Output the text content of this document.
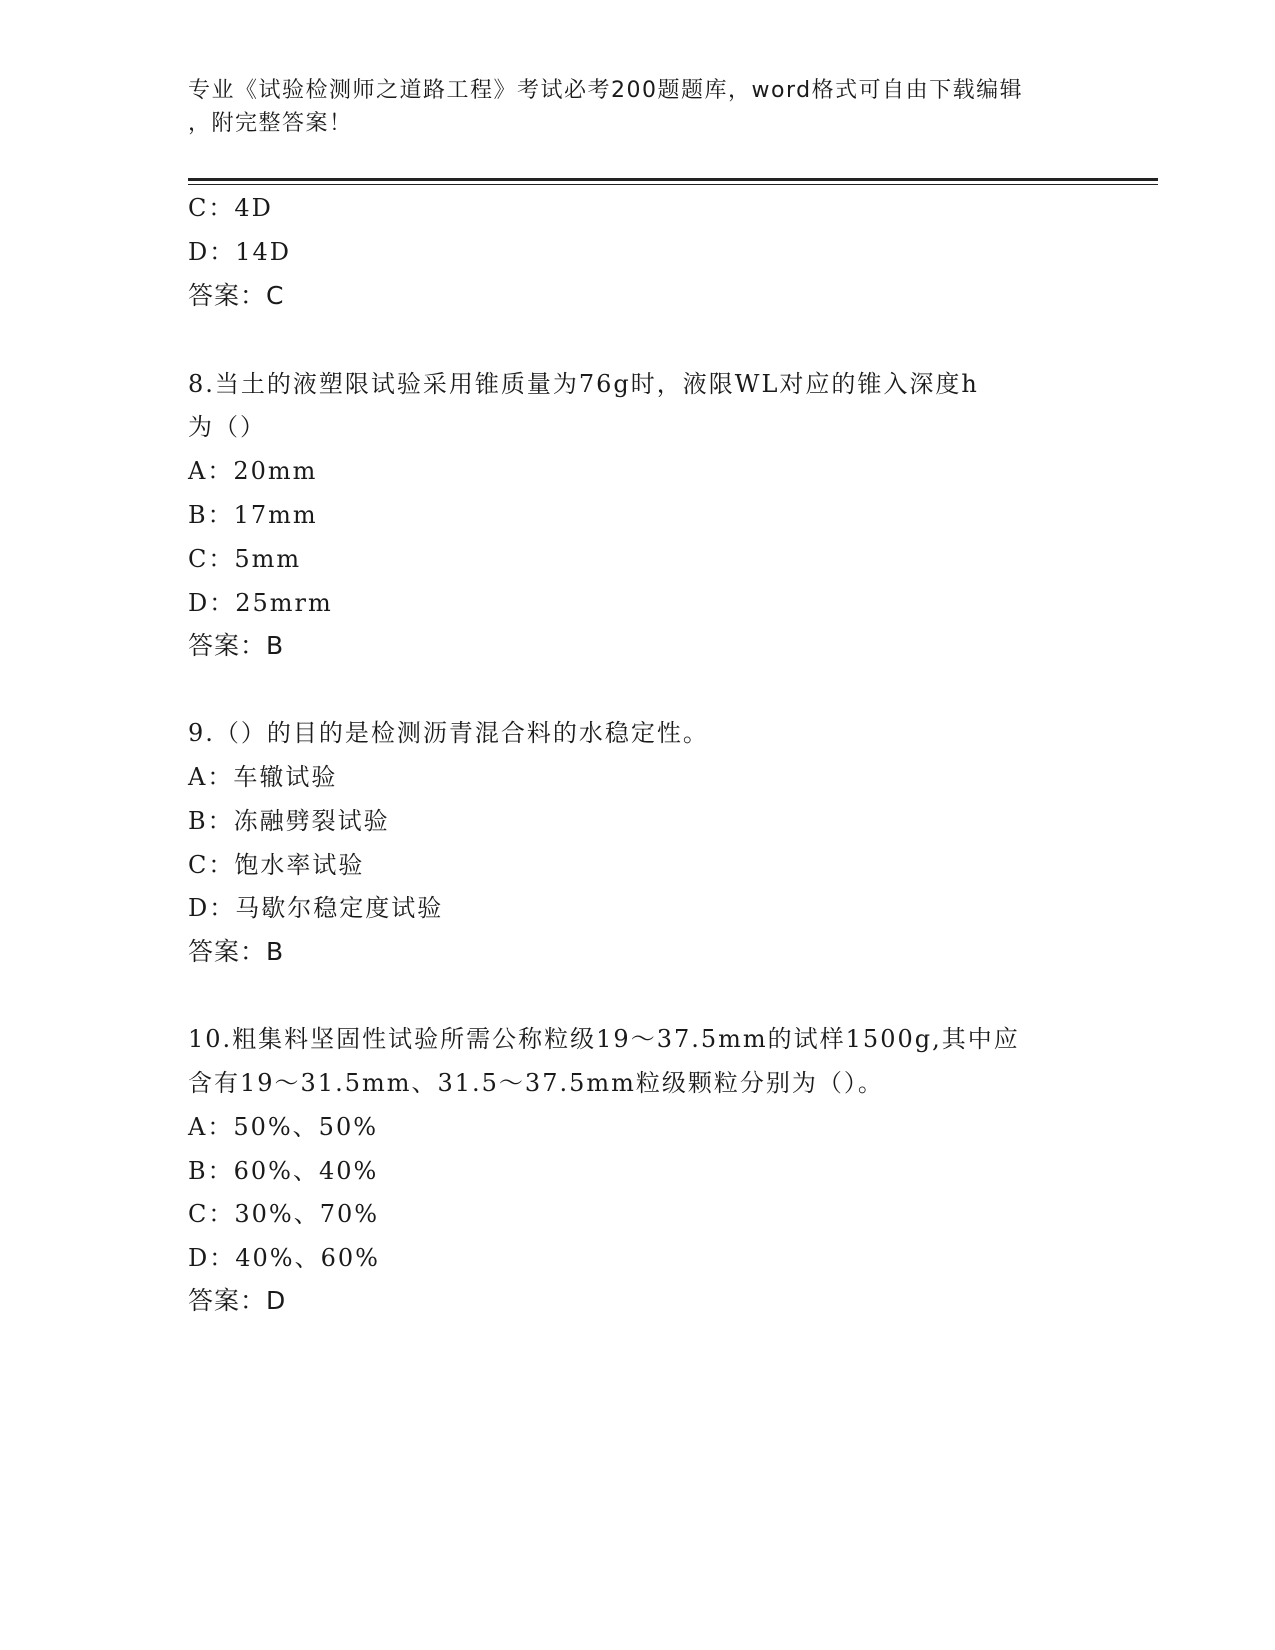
专业《试验检测师之道路工程》考试必考200题题库，word格式可自由下载编辑
，附完整答案！
C：4D
D：14D
答案：C
8.当土的液塑限试验采用锥质量为76g时，液限WL对应的锥入深度h
为（）
A：20mm
B：17mm
C：5mm
D：25mrm
答案：B
9.（）的目的是检测沥青混合料的水稳定性。
A：车辙试验
B：冻融劈裂试验
C：饱水率试验
D：马歇尔稳定度试验
答案：B
10.粗集料坚固性试验所需公称粒级19～37.5mm的试样1500g,其中应
含有19～31.5mm、31.5～37.5mm粒级颗粒分别为（）。
A：50%、50%
B：60%、40%
C：30%、70%
D：40%、60%
答案：D
